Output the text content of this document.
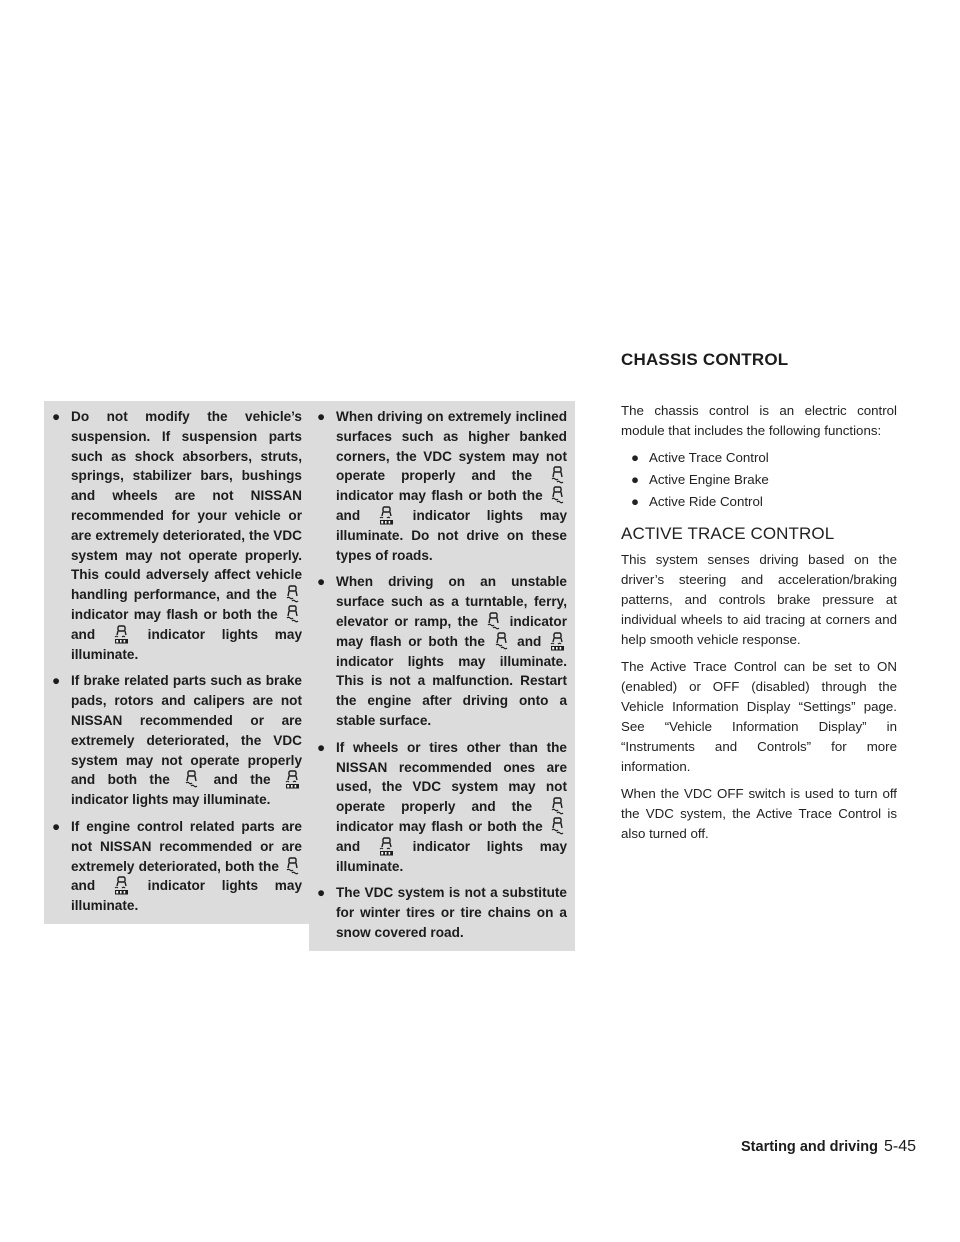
● Do not modify the vehicle’s suspension. If suspension parts such as shock absorbers, struts, springs, stabilizer bars, bushings and wheels are not NISSAN recommended for your vehicle or are extremely deteriorated, the VDC system may not operate properly. This could adversely affect vehicle handling performance, and the
indicator may flash or both the
and
indicator lights may illuminate.
● If brake related parts such as brake pads, rotors and calipers are not NISSAN recommended or are extremely deteriorated, the VDC system may not operate properly and both the
and the
indicator lights may illuminate.
● If engine control related parts are not NISSAN recommended or are extremely deteriorated, both the
and
indicator lights may illuminate.
● When driving on extremely inclined surfaces such as higher banked corners, the VDC system may not operate properly and the
indicator may flash or both the
and
indicator lights may illuminate. Do not drive on these types of roads.
● When driving on an unstable surface such as a turntable, ferry, elevator or ramp, the
indicator may flash or both the
and
indicator lights may illuminate. This is not a malfunction. Restart the engine after driving onto a stable surface.
● If wheels or tires other than the NISSAN recommended ones are used, the VDC system may not operate properly and the
indicator may flash or both the
and
indicator lights may illuminate.
● The VDC system is not a substitute for winter tires or tire chains on a snow covered road.
CHASSIS CONTROL

The chassis control is an electric control module that includes the following functions:

● Active Trace Control
● Active Engine Brake
● Active Ride Control
ACTIVE TRACE CONTROL

This system senses driving based on the driver’s steering and acceleration/braking patterns, and controls brake pressure at individual wheels to aid tracing at corners and help smooth vehicle response.

The Active Trace Control can be set to ON (enabled) or OFF (disabled) through the Vehicle Information Display “Settings” page. See “Vehicle Information Display” in “Instruments and Controls” for more information.

When the VDC OFF switch is used to turn off the VDC system, the Active Trace Control is also turned off.

Starting and driving 5-45
